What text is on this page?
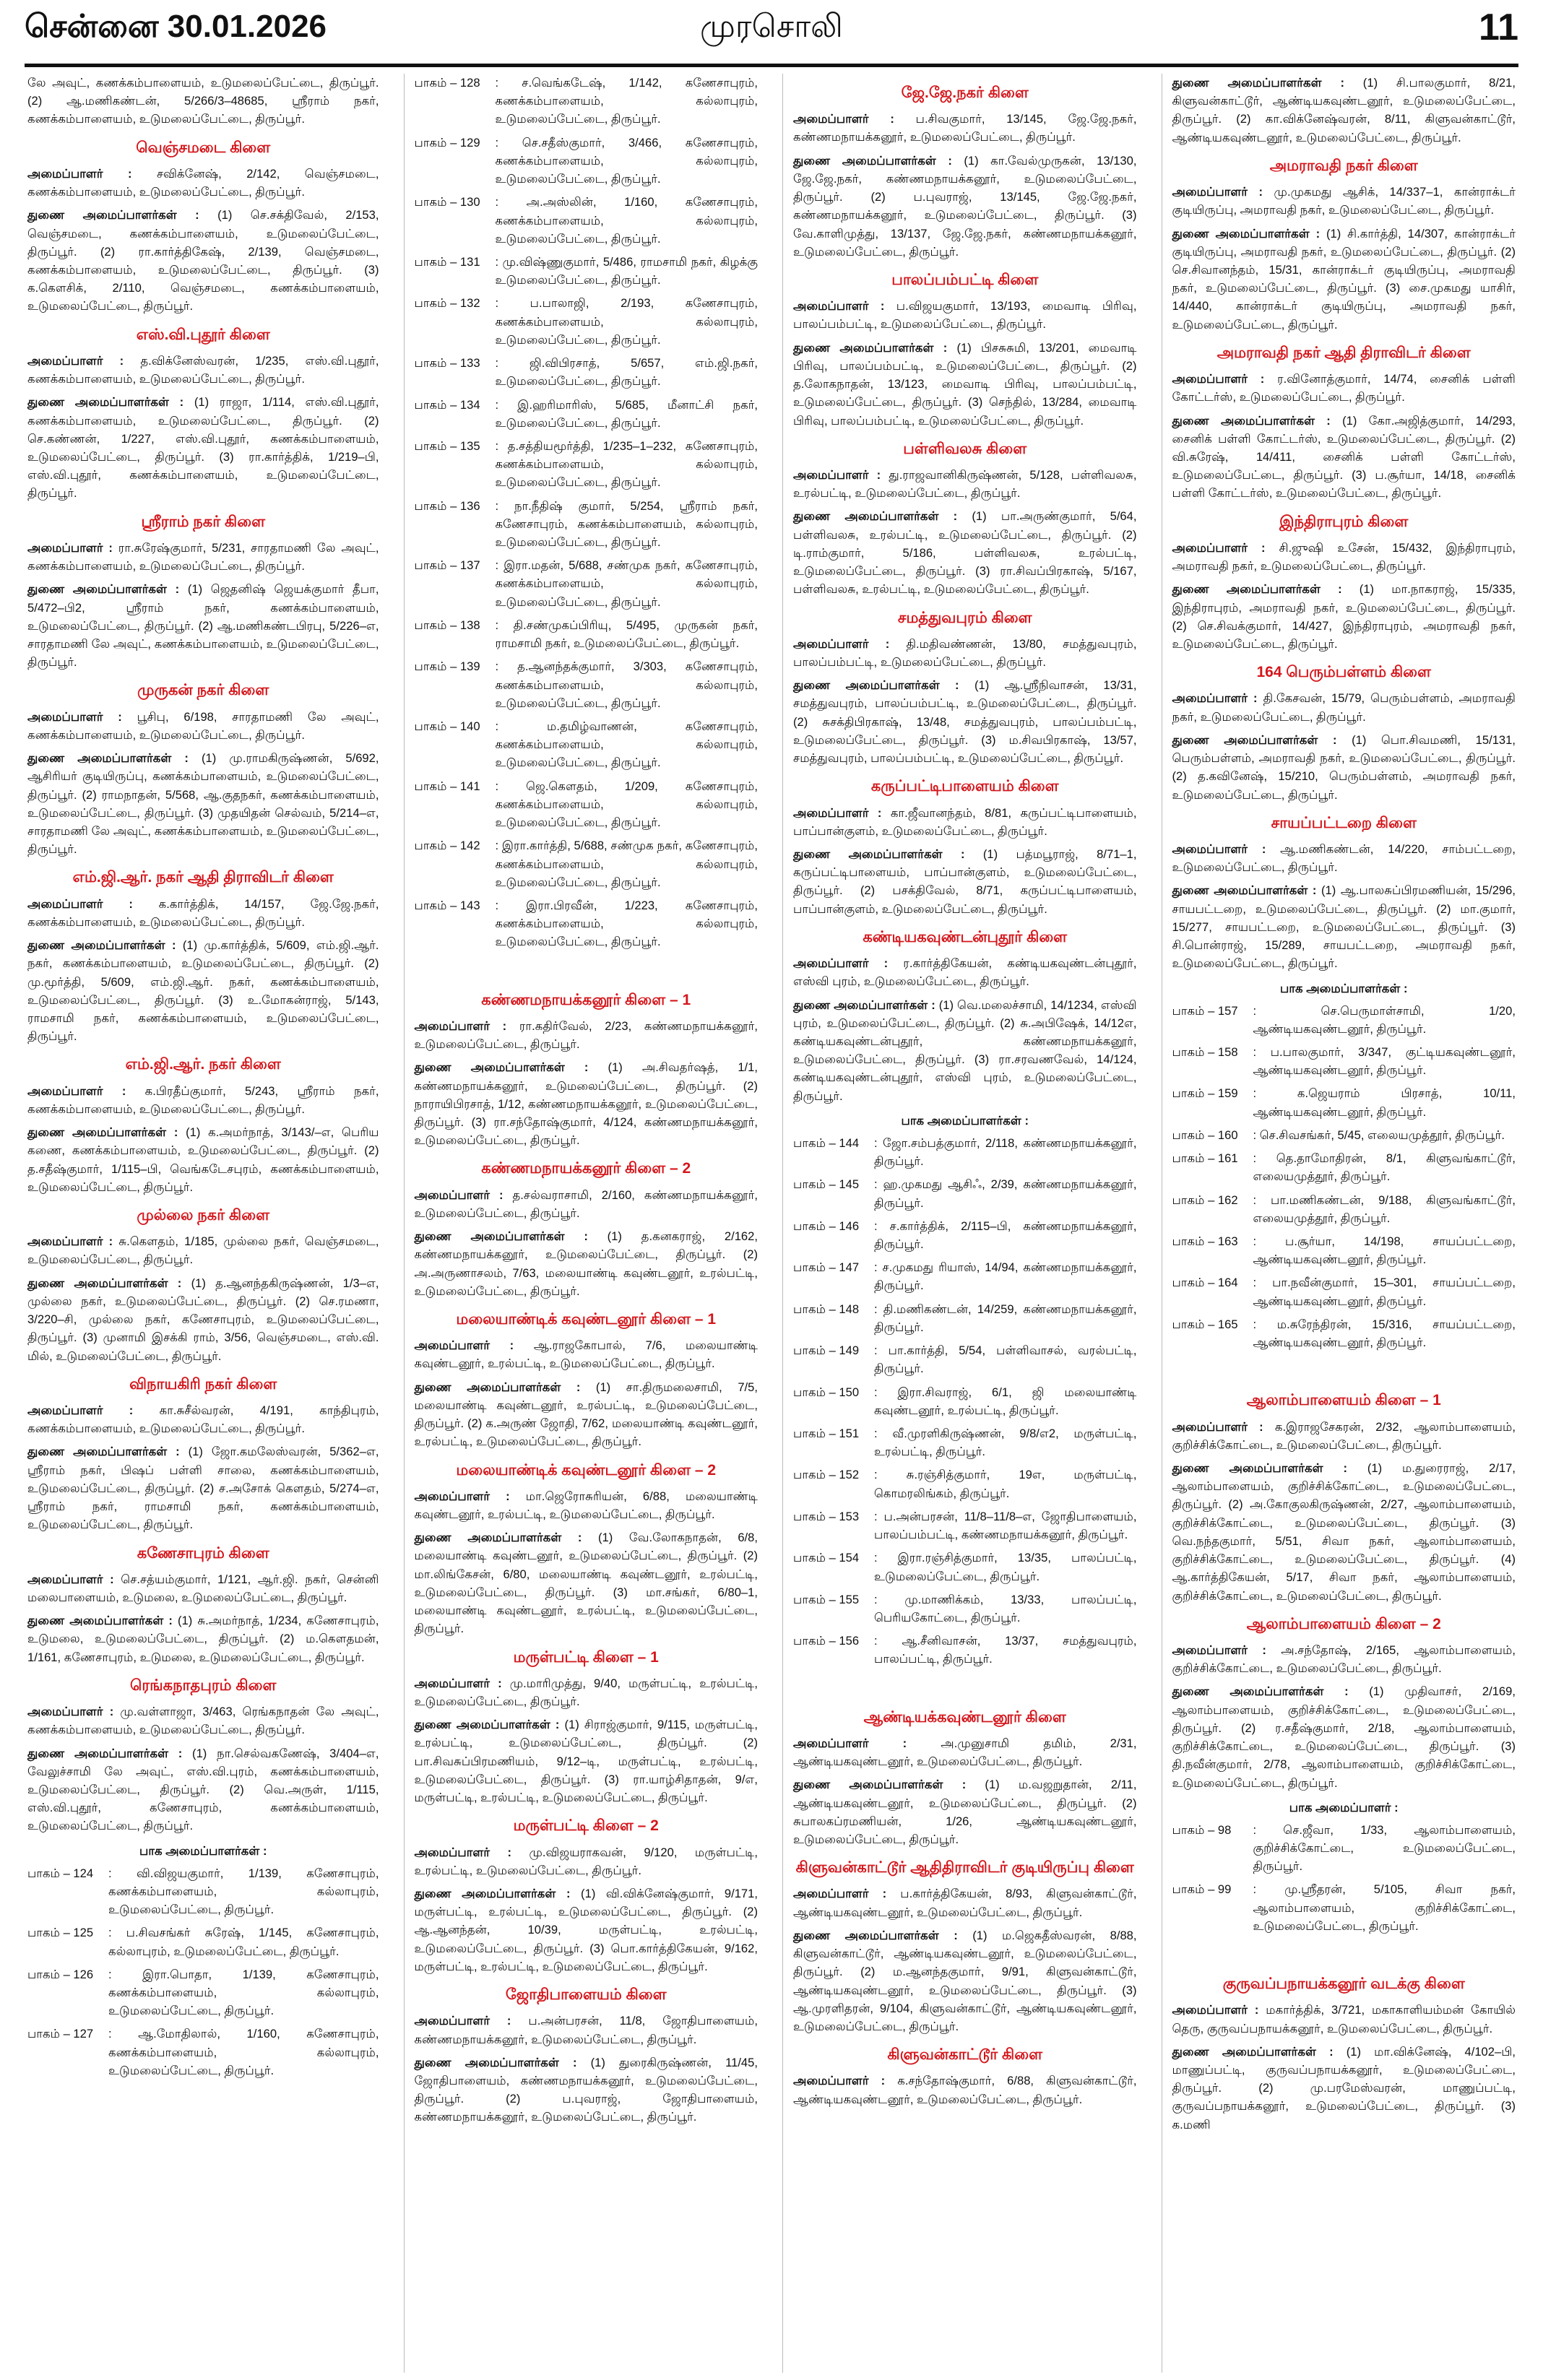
சென்னை 30.01.2026	முரசொலி	11

லே அவுட், கணக்கம்பாளையம், உடுமலைப்பேட்டை, திருப்பூர். (2) ஆ.மணிகண்டன், 5/266/3–48685, ஸ்ரீராம் நகர், கணக்கம்பாளையம், உடுமலைப்பேட்டை, திருப்பூர்.

வெஞ்சமடை கிளை

அமைப்பாளர் : சவிக்னேஷ், 2/142, வெஞ்சமடை, கணக்கம்பாளையம், உடுமலைப்பேட்டை, திருப்பூர்.

துணை அமைப்பாளர்கள் : (1) செ.சக்திவேல், 2/153, வெஞ்சமடை, கணக்கம்பாளையம், உடுமலைப்பேட்டை, திருப்பூர். (2) ரா.கார்த்திகேஷ், 2/139, வெஞ்சமடை, கணக்கம்பாளையம், உடுமலைப்பேட்டை, திருப்பூர். (3) க.கௌசிக், 2/110, வெஞ்சமடை, கணக்கம்பாளையம், உடுமலைப்பேட்டை, திருப்பூர்.

எஸ்.வி.புதூர் கிளை

அமைப்பாளர் : த.விக்னேஸ்வரன், 1/235, எஸ்.வி.புதூர், கணக்கம்பாளையம், உடுமலைப்பேட்டை, திருப்பூர்.

துணை அமைப்பாளர்கள் : (1) ராஜா, 1/114, எஸ்.வி.புதூர், கணக்கம்பாளையம், உடுமலைப்பேட்டை, திருப்பூர். (2) செ.கண்ணன், 1/227, எஸ்.வி.புதூர், கணக்கம்பாளையம், உடுமலைப்பேட்டை, திருப்பூர். (3) ரா.கார்த்திக், 1/219–பி, எஸ்.வி.புதூர், கணக்கம்பாளையம், உடுமலைப்பேட்டை, திருப்பூர்.

ஸ்ரீராம் நகர் கிளை

அமைப்பாளர் : ரா.சுரேஷ்குமார், 5/231, சாரதாமணி லே அவுட், கணக்கம்பாளையம், உடுமலைப்பேட்டை, திருப்பூர்.

துணை அமைப்பாளர்கள் : (1) ஜெதனிஷ் ஜெயக்குமார் தீபா, 5/472–பி2, ஸ்ரீராம் நகர், கணக்கம்பாளையம், உடுமலைப்பேட்டை, திருப்பூர். (2) ஆ.மணிகண்டபிரபு, 5/226–எ, சாரதாமணி லே அவுட், கணக்கம்பாளையம், உடுமலைப்பேட்டை, திருப்பூர்.

முருகன் நகர் கிளை

அமைப்பாளர் : பூசிபு, 6/198, சாரதாமணி லே அவுட், கணக்கம்பாளையம், உடுமலைப்பேட்டை, திருப்பூர்.

துணை அமைப்பாளர்கள் : (1) மு.ராமகிருஷ்ணன், 5/692, ஆசிரியர் குடியிருப்பு, கணக்கம்பாளையம், உடுமலைப்பேட்டை, திருப்பூர். (2) ராமநாதன், 5/568, ஆ.குதநகர், கணக்கம்பாளையம், உடுமலைப்பேட்டை, திருப்பூர். (3) முதயிதன் செல்வம், 5/214–எ, சாரதாமணி லே அவுட், கணக்கம்பாளையம், உடுமலைப்பேட்டை, திருப்பூர்.

எம்.ஜி.ஆர். நகர் ஆதி திராவிடர் கிளை

அமைப்பாளர் : க.கார்த்திக், 14/157, ஜே.ஜே.நகர், கணக்கம்பாளையம், உடுமலைப்பேட்டை, திருப்பூர்.

துணை அமைப்பாளர்கள் : (1) மு.கார்த்திக், 5/609, எம்.ஜி.ஆர். நகர், கணக்கம்பாளையம், உடுமலைப்பேட்டை, திருப்பூர். (2) மு.மூர்த்தி, 5/609, எம்.ஜி.ஆர். நகர், கணக்கம்பாளையம், உடுமலைப்பேட்டை, திருப்பூர். (3) உ.மோகன்ராஜ், 5/143, ராமசாமி நகர், கணக்கம்பாளையம், உடுமலைப்பேட்டை, திருப்பூர்.

எம்.ஜி.ஆர். நகர் கிளை

அமைப்பாளர் : க.பிரதீப்குமார், 5/243, ஸ்ரீராம் நகர், கணக்கம்பாளையம், உடுமலைப்பேட்டை, திருப்பூர்.

துணை அமைப்பாளர்கள் : (1) க.அமர்நாத், 3/143/–எ, பெரிய கணை, கணக்கம்பாளையம், உடுமலைப்பேட்டை, திருப்பூர். (2) த.சதீஷ்குமார், 1/115–பி, வெங்கடேசபுரம், கணக்கம்பாளையம், உடுமலைப்பேட்டை, திருப்பூர்.

முல்லை நகர் கிளை

அமைப்பாளர் : சு.கௌதம், 1/185, முல்லை நகர், வெஞ்சமடை, உடுமலைப்பேட்டை, திருப்பூர்.

துணை அமைப்பாளர்கள் : (1) த.ஆனந்தகிருஷ்ணன், 1/3–எ, முல்லை நகர், உடுமலைப்பேட்டை, திருப்பூர். (2) செ.ரமணா, 3/220–சி, முல்லை நகர், கணேசாபுரம், உடுமலைப்பேட்டை, திருப்பூர். (3) முனாமி இசக்கி ராம், 3/56, வெஞ்சமடை, எஸ்.வி. மில், உடுமலைப்பேட்டை, திருப்பூர்.

விநாயகிரி நகர் கிளை

அமைப்பாளர் : கா.சுசீல்வரன், 4/191, காந்திபுரம், கணக்கம்பாளையம், உடுமலைப்பேட்டை, திருப்பூர்.

துணை அமைப்பாளர்கள் : (1) ஜோ.கமலேஸ்வரன், 5/362–எ, ஸ்ரீராம் நகர், பிஷப் பள்ளி சாலை, கணக்கம்பாளையம், உடுமலைப்பேட்டை, திருப்பூர். (2) ச.அசோக் கௌதம், 5/274–எ, ஸ்ரீராம் நகர், ராமசாமி நகர், கணக்கம்பாளையம், உடுமலைப்பேட்டை, திருப்பூர்.

கணேசாபுரம் கிளை

அமைப்பாளர் : செ.சத்யம்குமார், 1/121, ஆர்.ஜி. நகர், சென்னி மலைபாளையம், உடுமலை, உடுமலைப்பேட்டை, திருப்பூர்.

துணை அமைப்பாளர்கள் : (1) சு.அமர்நாத், 1/234, கணேசாபுரம், உடுமலை, உடுமலைப்பேட்டை, திருப்பூர். (2) ம.கௌதமன், 1/161, கணேசாபுரம், உடுமலை, உடுமலைப்பேட்டை, திருப்பூர்.

ரெங்கநாதபுரம் கிளை

அமைப்பாளர் : மு.வள்ளாஜா, 3/463, ரெங்கநாதன் லே அவுட், கணக்கம்பாளையம், உடுமலைப்பேட்டை, திருப்பூர்.

துணை அமைப்பாளர்கள் : (1) நா.செல்வகணேஷ், 3/404–எ, வேலுச்சாமி லே அவுட், எஸ்.வி.புரம், கணக்கம்பாளையம், உடுமலைப்பேட்டை, திருப்பூர். (2) வெ.அருள், 1/115, எஸ்.வி.புதூர், கணேசாபுரம், கணக்கம்பாளையம், உடுமலைப்பேட்டை, திருப்பூர்.

பாக அமைப்பாளர்கள் :
பாகம் – 124	: வி.விஜயகுமார், 1/139, கணேசாபுரம், கணக்கம்பாளையம், கல்லாபுரம், உடுமலைப்பேட்டை, திருப்பூர்.
பாகம் – 125	: ப.சிவசங்கர் சுரேஷ், 1/145, கணேசாபுரம், கல்லாபுரம், உடுமலைப்பேட்டை, திருப்பூர்.
பாகம் – 126	: இரா.பொதா, 1/139, கணேசாபுரம், கணக்கம்பாளையம், கல்லாபுரம், உடுமலைப்பேட்டை, திருப்பூர்.
பாகம் – 127	: ஆ.மோதிலால், 1/160, கணேசாபுரம், கணக்கம்பாளையம், கல்லாபுரம், உடுமலைப்பேட்டை, திருப்பூர்.
பாகம் – 128	: ச.வெங்கடேஷ், 1/142, கணேசாபுரம், கணக்கம்பாளையம், கல்லாபுரம், உடுமலைப்பேட்டை, திருப்பூர்.
பாகம் – 129	: செ.சதீஸ்குமார், 3/466, கணேசாபுரம், கணக்கம்பாளையம், கல்லாபுரம், உடுமலைப்பேட்டை, திருப்பூர்.
பாகம் – 130	: அ.அஸ்லின், 1/160, கணேசாபுரம், கணக்கம்பாளையம், கல்லாபுரம், உடுமலைப்பேட்டை, திருப்பூர்.
பாகம் – 131	: மு.விஷ்ணுகுமார், 5/486, ராமசாமி நகர், கிழக்கு உடுமலைப்பேட்டை, திருப்பூர்.
பாகம் – 132	: ப.பாலாஜி, 2/193, கணேசாபுரம், கணக்கம்பாளையம், கல்லாபுரம், உடுமலைப்பேட்டை, திருப்பூர்.
பாகம் – 133	: ஜி.விபிரசாத், 5/657, எம்.ஜி.நகர், உடுமலைப்பேட்டை, திருப்பூர்.
பாகம் – 134	: இ.ஹரிமாரிஸ், 5/685, மீனாட்சி நகர், உடுமலைப்பேட்டை, திருப்பூர்.
பாகம் – 135	: த.சத்தியமூர்த்தி, 1/235–1–232, கணேசாபுரம், கணக்கம்பாளையம், கல்லாபுரம், உடுமலைப்பேட்டை, திருப்பூர்.
பாகம் – 136	: நா.நீதிஷ் குமார், 5/254, ஸ்ரீராம் நகர், கணேசாபுரம், கணக்கம்பாளையம், கல்லாபுரம், உடுமலைப்பேட்டை, திருப்பூர்.
பாகம் – 137	: இரா.மதன், 5/688, சண்முக நகர், கணேசாபுரம், கணக்கம்பாளையம், கல்லாபுரம், உடுமலைப்பேட்டை, திருப்பூர்.
பாகம் – 138	: தி.சண்முகப்பிரியு, 5/495, முருகன் நகர், ராமசாமி நகர், உடுமலைப்பேட்டை, திருப்பூர்.
பாகம் – 139	: த.ஆனந்தக்குமார், 3/303, கணேசாபுரம், கணக்கம்பாளையம், கல்லாபுரம், உடுமலைப்பேட்டை, திருப்பூர்.
பாகம் – 140	: ம.தமிழ்வாணன், கணேசாபுரம், கணக்கம்பாளையம், கல்லாபுரம், உடுமலைப்பேட்டை, திருப்பூர்.
பாகம் – 141	: ஜெ.கௌதம், 1/209, கணேசாபுரம், கணக்கம்பாளையம், கல்லாபுரம், உடுமலைப்பேட்டை, திருப்பூர்.
பாகம் – 142	: இரா.கார்த்தி, 5/688, சண்முக நகர், கணேசாபுரம், கணக்கம்பாளையம், கல்லாபுரம், உடுமலைப்பேட்டை, திருப்பூர்.
பாகம் – 143	: இரா.பிரவீன், 1/223, கணேசாபுரம், கணக்கம்பாளையம், கல்லாபுரம், உடுமலைப்பேட்டை, திருப்பூர்.
கண்ணமநாயக்கனூர் கிளை – 1

அமைப்பாளர் : ரா.கதிர்வேல், 2/23, கண்ணமநாயக்கனூர், உடுமலைப்பேட்டை, திருப்பூர்.

துணை அமைப்பாளர்கள் : (1) அ.சிவதர்ஷத், 1/1, கண்ணமநாயக்கனூர், உடுமலைப்பேட்டை, திருப்பூர். (2) நாராயிபிரசாத், 1/12, கண்ணமநாயக்கனூர், உடுமலைப்பேட்டை, திருப்பூர். (3) ரா.சந்தோஷ்குமார், 4/124, கண்ணமநாயக்கனூர், உடுமலைப்பேட்டை, திருப்பூர்.

கண்ணமநாயக்கனூர் கிளை – 2

அமைப்பாளர் : த.சல்வராசாமி, 2/160, கண்ணமநாயக்கனூர், உடுமலைப்பேட்டை, திருப்பூர்.

துணை அமைப்பாளர்கள் : (1) த.கனகராஜ், 2/162, கண்ணமநாயக்கனூர், உடுமலைப்பேட்டை, திருப்பூர். (2) அ.அருணாசலம், 7/63, மலையாண்டி கவுண்டனூர், உரல்பட்டி, உடுமலைப்பேட்டை, திருப்பூர்.

மலையாண்டிக் கவுண்டனூர் கிளை – 1

அமைப்பாளர் : ஆ.ராஜகோபால், 7/6, மலையாண்டி கவுண்டனூர், உரல்பட்டி, உடுமலைப்பேட்டை, திருப்பூர்.

துணை அமைப்பாளர்கள் : (1) சா.திருமலைசாமி, 7/5, மலையாண்டி கவுண்டனூர், உரல்பட்டி, உடுமலைப்பேட்டை, திருப்பூர். (2) க.அருண் ஜோதி, 7/62, மலையாண்டி கவுண்டனூர், உரல்பட்டி, உடுமலைப்பேட்டை, திருப்பூர்.

மலையாண்டிக் கவுண்டனூர் கிளை – 2

அமைப்பாளர் : மா.ஜெரோசுரியன், 6/88, மலையாண்டி கவுண்டனூர், உரல்பட்டி, உடுமலைப்பேட்டை, திருப்பூர்.

துணை அமைப்பாளர்கள் : (1) வே.லோகநாதன், 6/8, மலையாண்டி கவுண்டனூர், உடுமலைப்பேட்டை, திருப்பூர். (2) மா.லிங்கேசன், 6/80, மலையாண்டி கவுண்டனூர், உரல்பட்டி, உடுமலைப்பேட்டை, திருப்பூர். (3) மா.சங்கர், 6/80–1, மலையாண்டி கவுண்டனூர், உரல்பட்டி, உடுமலைப்பேட்டை, திருப்பூர்.

மருள்பட்டி கிளை – 1

அமைப்பாளர் : மு.மாரிமுத்து, 9/40, மருள்பட்டி, உரல்பட்டி, உடுமலைப்பேட்டை, திருப்பூர்.

துணை அமைப்பாளர்கள் : (1) சிராஜ்குமார், 9/115, மருள்பட்டி, உரல்பட்டி, உடுமலைப்பேட்டை, திருப்பூர். (2) பா.சிவசுப்பிரமணியம், 9/12–டி, மருள்பட்டி, உரல்பட்டி, உடுமலைப்பேட்டை, திருப்பூர். (3) ரா.யாழ்சிதாதன், 9/எ, மருள்பட்டி, உரல்பட்டி, உடுமலைப்பேட்டை, திருப்பூர்.

மருள்பட்டி கிளை – 2

அமைப்பாளர் : மு.விஜயராகவன், 9/120, மருள்பட்டி, உரல்பட்டி, உடுமலைப்பேட்டை, திருப்பூர்.

துணை அமைப்பாளர்கள் : (1) வி.விக்னேஷ்குமார், 9/171, மருள்பட்டி, உரல்பட்டி, உடுமலைப்பேட்டை, திருப்பூர். (2) ஆ.ஆனந்தன், 10/39, மருள்பட்டி, உரல்பட்டி, உடுமலைப்பேட்டை, திருப்பூர். (3) பொ.கார்த்திகேயன், 9/162, மருள்பட்டி, உரல்பட்டி, உடுமலைப்பேட்டை, திருப்பூர்.

ஜோதிபாளையம் கிளை

அமைப்பாளர் : ப.அன்பரசன், 11/8, ஜோதிபாளையம், கண்ணமநாயக்கனூர், உடுமலைப்பேட்டை, திருப்பூர்.

துணை அமைப்பாளர்கள் : (1) துரைகிருஷ்ணன், 11/45, ஜோதிபாளையம், கண்ணமநாயக்கனூர், உடுமலைப்பேட்டை, திருப்பூர். (2) ப.புவராஜ், ஜோதிபாளையம், கண்ணமநாயக்கனூர், உடுமலைப்பேட்டை, திருப்பூர்.

ஜே.ஜே.நகர் கிளை

அமைப்பாளர் : ப.சிவகுமார், 13/145, ஜே.ஜே.நகர், கண்ணமநாயக்கனூர், உடுமலைப்பேட்டை, திருப்பூர்.

துணை அமைப்பாளர்கள் : (1) கா.வேல்முருகன், 13/130, ஜே.ஜே.நகர், கண்ணமநாயக்கனூர், உடுமலைப்பேட்டை, திருப்பூர். (2) ப.புவராஜ், 13/145, ஜே.ஜே.நகர், கண்ணமநாயக்கனூர், உடுமலைப்பேட்டை, திருப்பூர். (3) வே.காளிமுத்து, 13/137, ஜே.ஜே.நகர், கண்ணமநாயக்கனூர், உடுமலைப்பேட்டை, திருப்பூர்.

பாலப்பம்பட்டி கிளை

அமைப்பாளர் : ப.விஜயகுமார், 13/193, மைவாடி பிரிவு, பாலப்பம்பட்டி, உடுமலைப்பேட்டை, திருப்பூர்.

துணை அமைப்பாளர்கள் : (1) பிசசுசுமி, 13/201, மைவாடி பிரிவு, பாலப்பம்பட்டி, உடுமலைப்பேட்டை, திருப்பூர். (2) த.லோகநாதன், 13/123, மைவாடி பிரிவு, பாலப்பம்பட்டி, உடுமலைப்பேட்டை, திருப்பூர். (3) செந்தில், 13/284, மைவாடி பிரிவு, பாலப்பம்பட்டி, உடுமலைப்பேட்டை, திருப்பூர்.

பள்ளிவலசு கிளை

அமைப்பாளர் : து.ராஜவானிகிருஷ்ணன், 5/128, பள்ளிவலசு, உரல்பட்டி, உடுமலைப்பேட்டை, திருப்பூர்.

துணை அமைப்பாளர்கள் : (1) பா.அருண்குமார், 5/64, பள்ளிவலசு, உரல்பட்டி, உடுமலைப்பேட்டை, திருப்பூர். (2) டி.ராம்குமார், 5/186, பள்ளிவலசு, உரல்பட்டி, உடுமலைப்பேட்டை, திருப்பூர். (3) ரா.சிவப்பிரகாஷ், 5/167, பள்ளிவலசு, உரல்பட்டி, உடுமலைப்பேட்டை, திருப்பூர்.

சமத்துவபுரம் கிளை

அமைப்பாளர் : தி.மதிவண்ணன், 13/80, சமத்துவபுரம், பாலப்பம்பட்டி, உடுமலைப்பேட்டை, திருப்பூர்.

துணை அமைப்பாளர்கள் : (1) ஆ.ஸ்ரீநிவாசன், 13/31, சமத்துவபுரம், பாலப்பம்பட்டி, உடுமலைப்பேட்டை, திருப்பூர். (2) சுசக்திபிரகாஷ், 13/48, சமத்துவபுரம், பாலப்பம்பட்டி, உடுமலைப்பேட்டை, திருப்பூர். (3) ம.சிவபிரகாஷ், 13/57, சமத்துவபுரம், பாலப்பம்பட்டி, உடுமலைப்பேட்டை, திருப்பூர்.

கருப்பட்டிபாளையம் கிளை

அமைப்பாளர் : கா.ஜீவானந்தம், 8/81, கருப்பட்டிபாளையம், பாப்பான்குளம், உடுமலைப்பேட்டை, திருப்பூர்.

துணை அமைப்பாளர்கள் : (1) பத்மபூராஜ், 8/71–1, கருப்பட்டிபாளையம், பாப்பான்குளம், உடுமலைப்பேட்டை, திருப்பூர். (2) பசக்திவேல், 8/71, கருப்பட்டிபாளையம், பாப்பான்குளம், உடுமலைப்பேட்டை, திருப்பூர்.

கண்டியகவுண்டன்புதூர் கிளை

அமைப்பாளர் : ர.கார்த்திகேயன், கண்டியகவுண்டன்புதூர், எஸ்வி புரம், உடுமலைப்பேட்டை, திருப்பூர்.

துணை அமைப்பாளர்கள் : (1) வெ.மலைச்சாமி, 14/1234, எஸ்வி புரம், உடுமலைப்பேட்டை, திருப்பூர். (2) சு.அபிஷேக், 14/12எ, கண்டியகவுண்டன்புதூர், கண்ணமநாயக்கனூர், உடுமலைப்பேட்டை, திருப்பூர். (3) ரா.சரவணவேல், 14/124, கண்டியகவுண்டன்புதூர், எஸ்வி புரம், உடுமலைப்பேட்டை, திருப்பூர்.

பாக அமைப்பாளர்கள் :
பாகம் – 144	: ஜோ.சம்பத்குமார், 2/118, கண்ணமநாயக்கனூர், திருப்பூர்.
பாகம் – 145	: ஹ.முகமது ஆசிஃ, 2/39, கண்ணமநாயக்கனூர், திருப்பூர்.
பாகம் – 146	: ச.கார்த்திக், 2/115–பி, கண்ணமநாயக்கனூர், திருப்பூர்.
பாகம் – 147	: ச.முகமது ரியாஸ், 14/94, கண்ணமநாயக்கனூர், திருப்பூர்.
பாகம் – 148	: தி.மணிகண்டன், 14/259, கண்ணமநாயக்கனூர், திருப்பூர்.
பாகம் – 149	: பா.கார்த்தி, 5/54, பள்ளிவாசல், வரல்பட்டி, திருப்பூர்.
பாகம் – 150	: இரா.சிவராஜ், 6/1, ஜி மலையாண்டி கவுண்டனூர், உரல்பட்டி, திருப்பூர்.
பாகம் – 151	: வீ.முரளிகிருஷ்ணன், 9/8/எ2, மருள்பட்டி, உரல்பட்டி, திருப்பூர்.
பாகம் – 152	: சு.ரஞ்சித்குமார், 19எ, மருள்பட்டி, கொமரலிங்கம், திருப்பூர்.
பாகம் – 153	: ப.அன்பரசன், 11/8–11/8–எ, ஜோதிபாளையம், பாலப்பம்பட்டி, கண்ணமநாயக்கனூர், திருப்பூர்.
பாகம் – 154	: இரா.ரஞ்சித்குமார், 13/35, பாலப்பட்டி, உடுமலைப்பேட்டை, திருப்பூர்.
பாகம் – 155	: மு.மாணிக்கம், 13/33, பாலப்பட்டி, பெரியகோட்டை, திருப்பூர்.
பாகம் – 156	: ஆ.சீனிவாசன், 13/37, சமத்துவபுரம், பாலப்பட்டி, திருப்பூர்.
ஆண்டியக்கவுண்டனூர் கிளை

அமைப்பாளர் : அ.முனுசாமி தமிம், 2/31, ஆண்டியகவுண்டனூர், உடுமலைப்பேட்டை, திருப்பூர்.

துணை அமைப்பாளர்கள் : (1) ம.வஜறுதான், 2/11, ஆண்டியகவுண்டனூர், உடுமலைப்பேட்டை, திருப்பூர். (2) சுபாலகப்ரமணியன், 1/26, ஆண்டியகவுண்டனூர், உடுமலைப்பேட்டை, திருப்பூர்.

கிளுவன்காட்டூர் ஆதிதிராவிடர் குடியிருப்பு கிளை

அமைப்பாளர் : ப.கார்த்திகேயன், 8/93, கிளுவன்காட்டூர், ஆண்டியகவுண்டனூர், உடுமலைப்பேட்டை, திருப்பூர்.

துணை அமைப்பாளர்கள் : (1) ம.ஜெகதீஸ்வரன், 8/88, கிளுவன்காட்டூர், ஆண்டியகவுண்டனூர், உடுமலைப்பேட்டை, திருப்பூர். (2) ம.ஆனந்தகுமார், 9/91, கிளுவன்காட்டூர், ஆண்டியகவுண்டனூர், உடுமலைப்பேட்டை, திருப்பூர். (3) ஆ.முரளிதரன், 9/104, கிளுவன்காட்டூர், ஆண்டியகவுண்டனூர், உடுமலைப்பேட்டை, திருப்பூர்.

கிளுவன்காட்டூர் கிளை

அமைப்பாளர் : க.சந்தோஷ்குமார், 6/88, கிளுவன்காட்டூர், ஆண்டியகவுண்டனூர், உடுமலைப்பேட்டை, திருப்பூர்.

துணை அமைப்பாளர்கள் : (1) சி.பாலகுமார், 8/21, கிளுவன்காட்டூர், ஆண்டியகவுண்டனூர், உடுமலைப்பேட்டை, திருப்பூர். (2) கா.விக்னேஷ்வரன், 8/11, கிளுவன்காட்டூர், ஆண்டியகவுண்டனூர், உடுமலைப்பேட்டை, திருப்பூர்.

அமராவதி நகர் கிளை

அமைப்பாளர் : மு.முகமது ஆசிக், 14/337–1, கான்ராக்டர் குடியிருப்பு, அமராவதி நகர், உடுமலைப்பேட்டை, திருப்பூர்.

துணை அமைப்பாளர்கள் : (1) சி.கார்த்தி, 14/307, கான்ராக்டர் குடியிருப்பு, அமராவதி நகர், உடுமலைப்பேட்டை, திருப்பூர். (2) செ.சிவானந்தம், 15/31, கான்ராக்டர் குடியிருப்பு, அமராவதி நகர், உடுமலைப்பேட்டை, திருப்பூர். (3) சை.முகமது யாசிர், 14/440, கான்ராக்டர் குடியிருப்பு, அமராவதி நகர், உடுமலைப்பேட்டை, திருப்பூர்.

அமராவதி நகர் ஆதி திராவிடர் கிளை

அமைப்பாளர் : ர.வினோத்குமார், 14/74, சைனிக் பள்ளி கோட்டர்ஸ், உடுமலைப்பேட்டை, திருப்பூர்.

துணை அமைப்பாளர்கள் : (1) கோ.அஜித்குமார், 14/293, சைனிக் பள்ளி கோட்டர்ஸ், உடுமலைப்பேட்டை, திருப்பூர். (2) வி.சுரேஷ், 14/411, சைனிக் பள்ளி கோட்டர்ஸ், உடுமலைப்பேட்டை, திருப்பூர். (3) ப.சூர்யா, 14/18, சைனிக் பள்ளி கோட்டர்ஸ், உடுமலைப்பேட்டை, திருப்பூர்.

இந்திராபுரம் கிளை

அமைப்பாளர் : சி.ஜுஷி உசேன், 15/432, இந்திராபுரம், அமராவதி நகர், உடுமலைப்பேட்டை, திருப்பூர்.

துணை அமைப்பாளர்கள் : (1) மா.நாகராஜ், 15/335, இந்திராபுரம், அமராவதி நகர், உடுமலைப்பேட்டை, திருப்பூர். (2) செ.சிவக்குமார், 14/427, இந்திராபுரம், அமராவதி நகர், உடுமலைப்பேட்டை, திருப்பூர்.

164 பெரும்பள்ளம் கிளை

அமைப்பாளர் : தி.கேசவன், 15/79, பெரும்பள்ளம், அமராவதி நகர், உடுமலைப்பேட்டை, திருப்பூர்.

துணை அமைப்பாளர்கள் : (1) பொ.சிவமணி, 15/131, பெரும்பள்ளம், அமராவதி நகர், உடுமலைப்பேட்டை, திருப்பூர். (2) த.கவினேஷ், 15/210, பெரும்பள்ளம், அமராவதி நகர், உடுமலைப்பேட்டை, திருப்பூர்.

சாயப்பட்டறை கிளை

அமைப்பாளர் : ஆ.மணிகண்டன், 14/220, சாம்பட்டறை, உடுமலைப்பேட்டை, திருப்பூர்.

துணை அமைப்பாளர்கள் : (1) ஆ.பாலசுப்பிரமணியன், 15/296, சாயபட்டறை, உடுமலைப்பேட்டை, திருப்பூர். (2) மா.குமார், 15/277, சாயபட்டறை, உடுமலைப்பேட்டை, திருப்பூர். (3) சி.பொன்ராஜ், 15/289, சாயபட்டறை, அமராவதி நகர், உடுமலைப்பேட்டை, திருப்பூர்.

பாக அமைப்பாளர்கள் :
பாகம் – 157	: செ.பெருமாள்சாமி, 1/20, ஆண்டியகவுண்டனூர், திருப்பூர்.
பாகம் – 158	: ப.பாலகுமார், 3/347, குட்டியகவுண்டனூர், ஆண்டியகவுண்டனூர், திருப்பூர்.
பாகம் – 159	: க.ஜெயராம் பிரசாத், 10/11, ஆண்டியகவுண்டனூர், திருப்பூர்.
பாகம் – 160	: செ.சிவசங்கர், 5/45, எலையமுத்தூர், திருப்பூர்.
பாகம் – 161	: தெ.தாமோதிரன், 8/1, கிளுவங்காட்டூர், எலையமுத்தூர், திருப்பூர்.
பாகம் – 162	: பா.மணிகண்டன், 9/188, கிளுவங்காட்டூர், எலையமுத்தூர், திருப்பூர்.
பாகம் – 163	: ப.சூர்யா, 14/198, சாயப்பட்டறை, ஆண்டியகவுண்டனூர், திருப்பூர்.
பாகம் – 164	: பா.நவீன்குமார், 15–301, சாயப்பட்டறை, ஆண்டியகவுண்டனூர், திருப்பூர்.
பாகம் – 165	: ம.சுரேந்திரன், 15/316, சாயப்பட்டறை, ஆண்டியகவுண்டனூர், திருப்பூர்.
ஆலாம்பாளையம் கிளை – 1

அமைப்பாளர் : க.இராஜசேகரன், 2/32, ஆலாம்பாளையம், குறிச்சிக்கோட்டை, உடுமலைப்பேட்டை, திருப்பூர்.

துணை அமைப்பாளர்கள் : (1) ம.துரைராஜ், 2/17, ஆலாம்பாளையம், குறிச்சிக்கோட்டை, உடுமலைப்பேட்டை, திருப்பூர். (2) அ.கோகுலகிருஷ்ணன், 2/27, ஆலாம்பாளையம், குறிச்சிக்கோட்டை, உடுமலைப்பேட்டை, திருப்பூர். (3) வெ.நந்தகுமார், 5/51, சிவா நகர், ஆலாம்பாளையம், குறிச்சிக்கோட்டை, உடுமலைப்பேட்டை, திருப்பூர். (4) ஆ.கார்த்திகேயன், 5/17, சிவா நகர், ஆலாம்பாளையம், குறிச்சிக்கோட்டை, உடுமலைப்பேட்டை, திருப்பூர்.

ஆலாம்பாளையம் கிளை – 2

அமைப்பாளர் : அ.சந்தோஷ், 2/165, ஆலாம்பாளையம், குறிச்சிக்கோட்டை, உடுமலைப்பேட்டை, திருப்பூர்.

துணை அமைப்பாளர்கள் : (1) முதிவாசர், 2/169, ஆலாம்பாளையம், குறிச்சிக்கோட்டை, உடுமலைப்பேட்டை, திருப்பூர். (2) ர.சதீஷ்குமார், 2/18, ஆலாம்பாளையம், குறிச்சிக்கோட்டை, உடுமலைப்பேட்டை, திருப்பூர். (3) தி.நவீன்குமார், 2/78, ஆலாம்பாளையம், குறிச்சிக்கோட்டை, உடுமலைப்பேட்டை, திருப்பூர்.

பாக அமைப்பாளர் :
பாகம் – 98	: செ.ஜீவா, 1/33, ஆலாம்பாளையம், குறிச்சிக்கோட்டை, உடுமலைப்பேட்டை, திருப்பூர்.
பாகம் – 99	: மு.ஸ்ரீதரன், 5/105, சிவா நகர், ஆலாம்பாளையம், குறிச்சிக்கோட்டை, உடுமலைப்பேட்டை, திருப்பூர்.
குருவப்பநாயக்கனூர் வடக்கு கிளை

அமைப்பாளர் : மகார்த்திக், 3/721, மகாகாளியம்மன் கோயில் தெரு, குருவப்பநாயக்கனூர், உடுமலைப்பேட்டை, திருப்பூர்.

துணை அமைப்பாளர்கள் : (1) மா.விக்னேஷ், 4/102–பி, மாணுப்பட்டி, குருவப்பநாயக்கனூர், உடுமலைப்பேட்டை, திருப்பூர். (2) மு.பரமேஸ்வரன், மாணுப்பட்டி, குருவப்பநாயக்கனூர், உடுமலைப்பேட்டை, திருப்பூர். (3) க.மணி
